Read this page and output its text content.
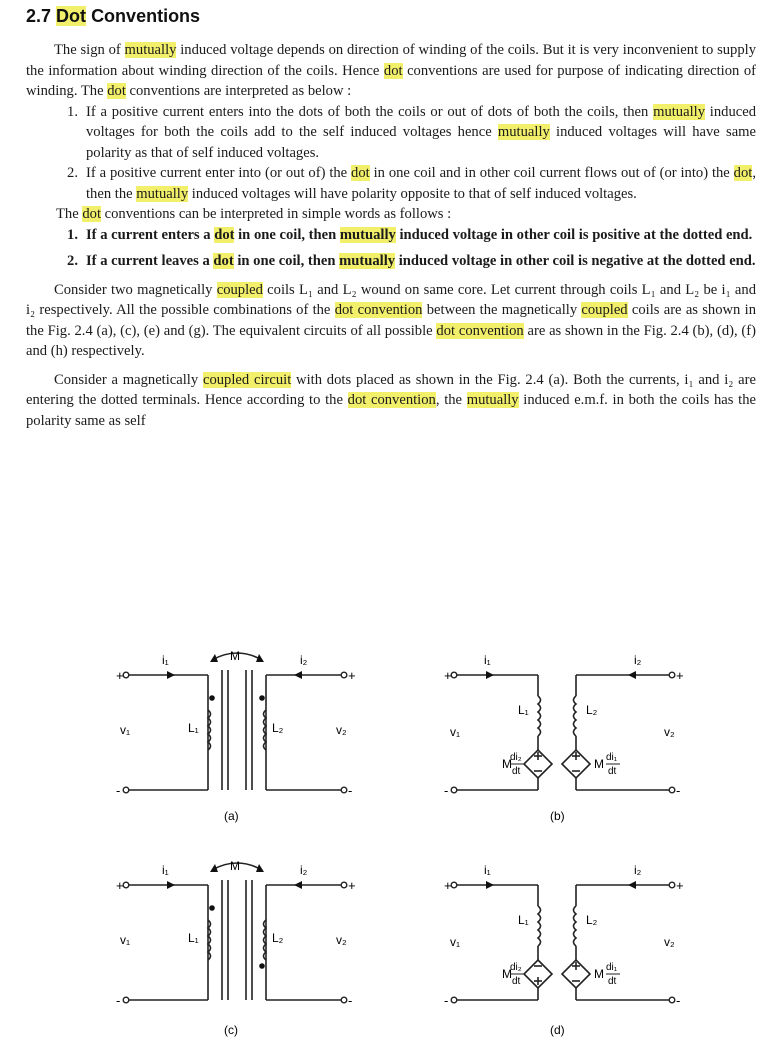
2.7 Dot Conventions

The sign of mutually induced voltage depends on direction of winding of the coils. But it is very inconvenient to supply the information about winding direction of the coils. Hence dot conventions are used for purpose of indicating direction of winding. The dot conventions are interpreted as below :

1. If a positive current enters into the dots of both the coils or out of dots of both the coils, then mutually induced voltages for both the coils add to the self induced voltages hence mutually induced voltages will have same polarity as that of self induced voltages.
2. If a positive current enter into (or out of) the dot in one coil and in other coil current flows out of (or into) the dot, then the mutually induced voltages will have polarity opposite to that of self induced voltages.

The dot conventions can be interpreted in simple words as follows :

1. If a current enters a dot in one coil, then mutually induced voltage in other coil is positive at the dotted end.
2. If a current leaves a dot in one coil, then mutually induced voltage in other coil is negative at the dotted end.

Consider two magnetically coupled coils L₁ and L₂ wound on same core. Let current through coils L₁ and L₂ be i₁ and i₂ respectively. All the possible combinations of the dot convention between the magnetically coupled coils are as shown in the Fig. 2.4 (a), (c), (e) and (g). The equivalent circuits of all possible dot convention are as shown in the Fig. 2.4 (b), (d), (f) and (h) respectively.

Consider a magnetically coupled circuit with dots placed as shown in the Fig. 2.4 (a). Both the currents, i₁ and i₂ are entering the dotted terminals. Hence according to the dot convention, the mutually induced e.m.f. in both the coils has the polarity same as self

+
-
+
-
i₁	i₂
M
L₁	L₂
v₁	v₂
(a)
+
-
+
-
i₁	i₂
L₁	L₂
v₁	v₂
M
di₂
dt
M di₁
dt
(b)
+
-
+
-
i₁	i₂
M
L₁	L₂
v₁	v₂
(c)
+
-
+
-
i₁	i₂
L₁	L₂
v₁	v₂
M
di₂
dt
M di₁
dt
(d)
